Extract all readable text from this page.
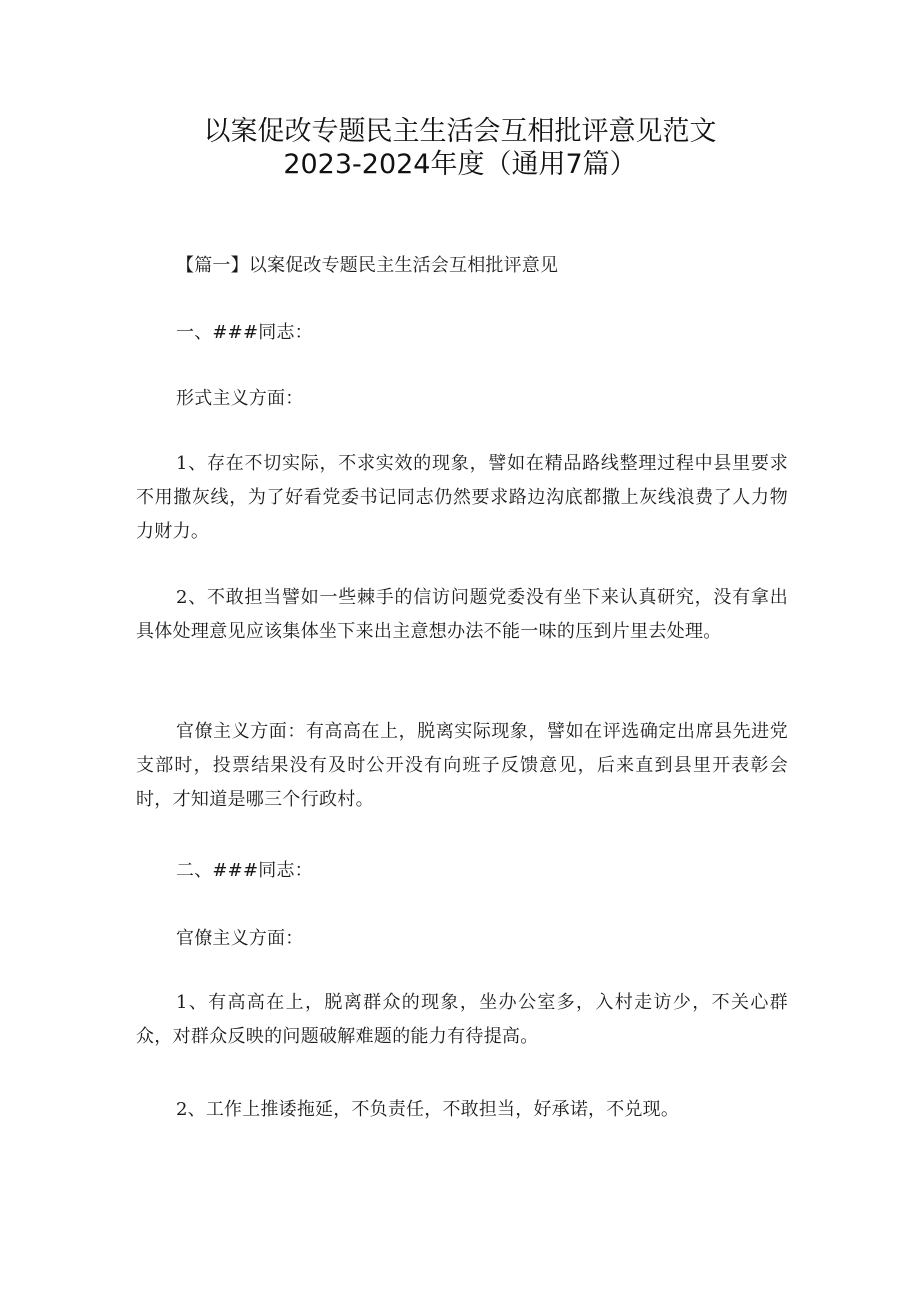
以案促改专题民主生活会互相批评意见范文
2023-2024年度（通用7篇）
【篇一】以案促改专题民主生活会互相批评意见
一、###同志：
形式主义方面：
1、存在不切实际，不求实效的现象，譬如在精品路线整理过程中县里要求不用撒灰线，为了好看党委书记同志仍然要求路边沟底都撒上灰线浪费了人力物力财力。
2、不敢担当譬如一些棘手的信访问题党委没有坐下来认真研究，没有拿出具体处理意见应该集体坐下来出主意想办法不能一味的压到片里去处理。
官僚主义方面：有高高在上，脱离实际现象，譬如在评选确定出席县先进党支部时，投票结果没有及时公开没有向班子反馈意见，后来直到县里开表彰会时，才知道是哪三个行政村。
二、###同志：
官僚主义方面：
1、有高高在上，脱离群众的现象，坐办公室多，入村走访少，不关心群众，对群众反映的问题破解难题的能力有待提高。
2、工作上推诿拖延，不负责任，不敢担当，好承诺，不兑现。
